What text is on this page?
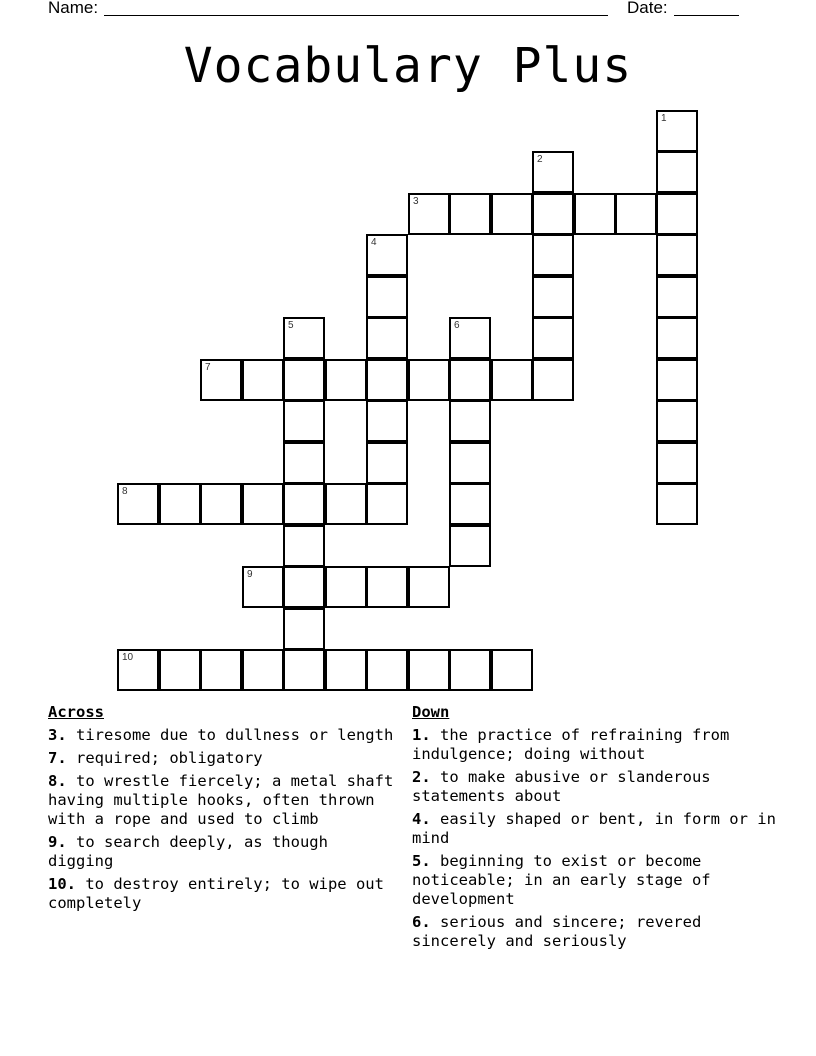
Name:	Date:
Vocabulary Plus
1
2
3
4
5	6
7
8
9
10
Across
3. tiresome due to dullness or length
7. required; obligatory
8. to wrestle fiercely; a metal shaft having multiple hooks, often thrown with a rope and used to climb
9. to search deeply, as though digging
10. to destroy entirely; to wipe out completely
Down
1. the practice of refraining from indulgence; doing without
2. to make abusive or slanderous statements about
4. easily shaped or bent, in form or in mind
5. beginning to exist or become noticeable; in an early stage of development
6. serious and sincere; revered sincerely and seriously
